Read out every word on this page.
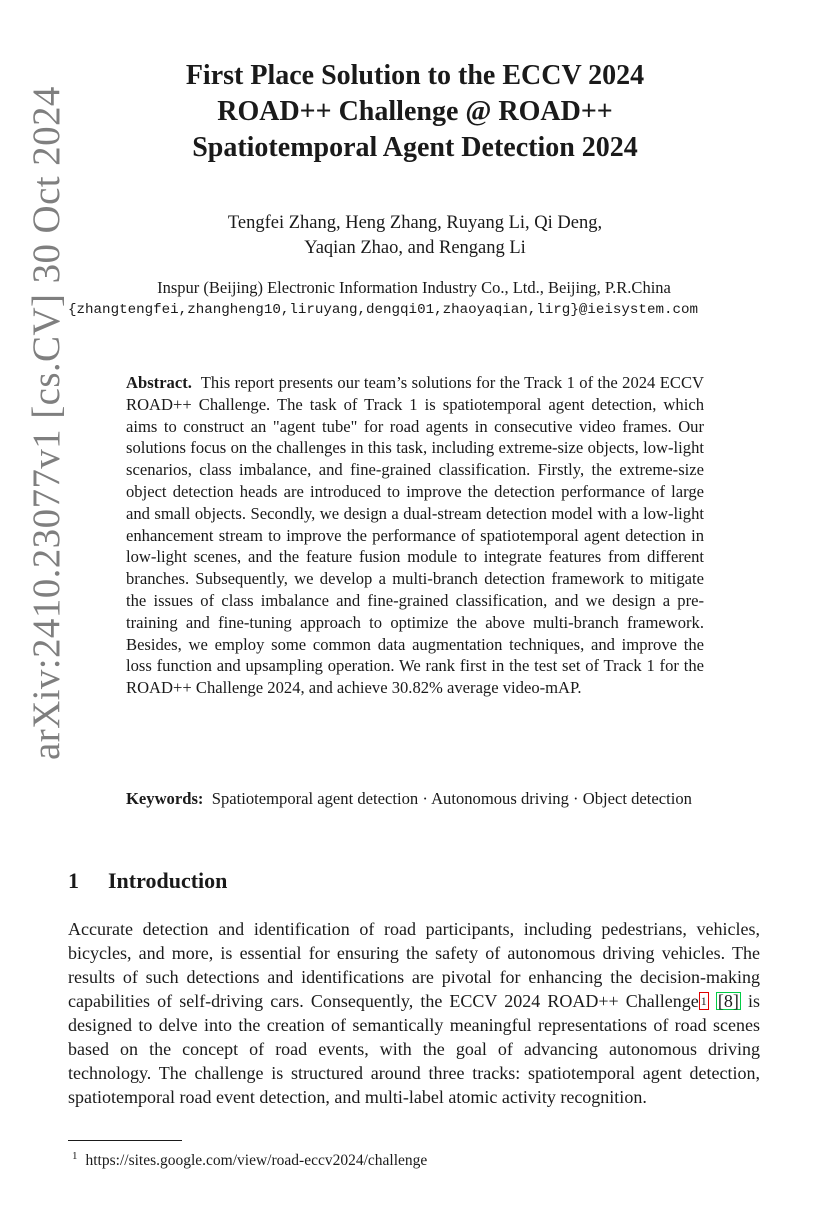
arXiv:2410.23077v1 [cs.CV] 30 Oct 2024
First Place Solution to the ECCV 2024
ROAD++ Challenge @ ROAD++
Spatiotemporal Agent Detection 2024
Tengfei Zhang, Heng Zhang, Ruyang Li, Qi Deng,
Yaqian Zhao, and Rengang Li
Inspur (Beijing) Electronic Information Industry Co., Ltd., Beijing, P.R.China
{zhangtengfei,zhangheng10,liruyang,dengqi01,zhaoyaqian,lirg}@ieisystem.com
Abstract. This report presents our team’s solutions for the Track 1 of the 2024 ECCV ROAD++ Challenge. The task of Track 1 is spatiotemporal agent detection, which aims to construct an "agent tube" for road agents in consecutive video frames. Our solutions focus on the challenges in this task, including extreme-size objects, low-light scenarios, class imbalance, and fine-grained classification. Firstly, the extreme-size object detection heads are introduced to improve the detection performance of large and small objects. Secondly, we design a dual-stream detection model with a low-light enhancement stream to improve the performance of spatiotemporal agent detection in low-light scenes, and the feature fusion module to integrate features from different branches. Subsequently, we develop a multi-branch detection framework to mitigate the issues of class imbalance and fine-grained classification, and we design a pretraining and fine-tuning approach to optimize the above multi-branch framework. Besides, we employ some common data augmentation techniques, and improve the loss function and upsampling operation. We rank first in the test set of Track 1 for the ROAD++ Challenge 2024, and achieve 30.82% average video-mAP.
Keywords: Spatiotemporal agent detection · Autonomous driving · Object detection
1 Introduction
Accurate detection and identification of road participants, including pedestrians, vehicles, bicycles, and more, is essential for ensuring the safety of autonomous driving vehicles. The results of such detections and identifications are pivotal for enhancing the decision-making capabilities of self-driving cars. Consequently, the ECCV 2024 ROAD++ Challenge $^1$ [8] is designed to delve into the creation of semantically meaningful representations of road scenes based on the concept of road events, with the goal of advancing autonomous driving technology. The challenge is structured around three tracks: spatiotemporal agent detection, spatiotemporal road event detection, and multi-label atomic activity recognition.
$^1$ https://sites.google.com/view/road-eccv2024/challenge
